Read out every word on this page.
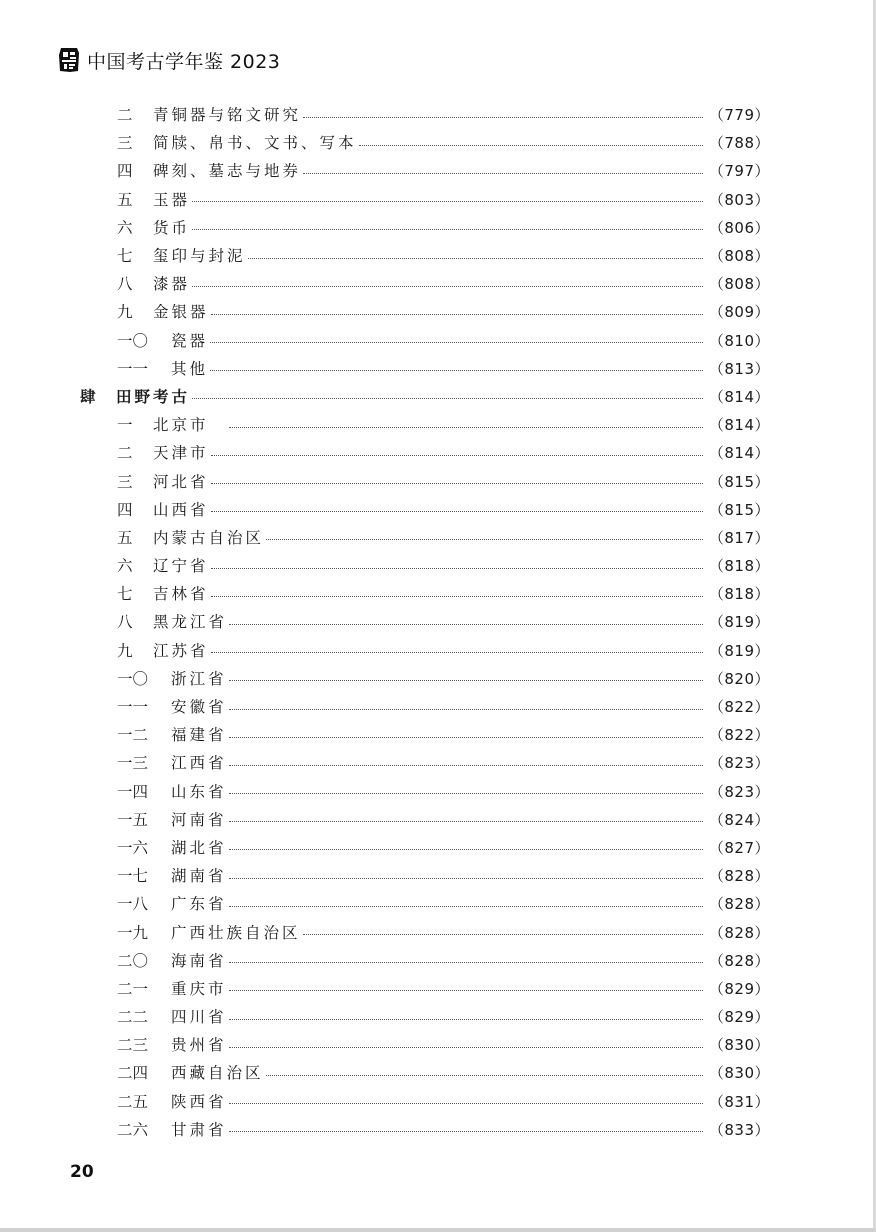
中国考古学年鉴 2023
二	青铜器与铭文研究	（779）
三	简牍、帛书、文书、写本	（788）
四	碑刻、墓志与地券	（797）
五	玉器	（803）
六	货币	（806）
七	玺印与封泥	（808）
八	漆器	（808）
九	金银器	（809）
一〇	瓷器	（810）
一一	其他	（813）
肆	田野考古	（814）
一	北京市　	（814）
二	天津市	（814）
三	河北省	（815）
四	山西省	（815）
五	内蒙古自治区	（817）
六	辽宁省	（818）
七	吉林省	（818）
八	黑龙江省	（819）
九	江苏省	（819）
一〇	浙江省	（820）
一一	安徽省	（822）
一二	福建省	（822）
一三	江西省	（823）
一四	山东省	（823）
一五	河南省	（824）
一六	湖北省	（827）
一七	湖南省	（828）
一八	广东省	（828）
一九	广西壮族自治区	（828）
二〇	海南省	（828）
二一	重庆市	（829）
二二	四川省	（829）
二三	贵州省	（830）
二四	西藏自治区	（830）
二五	陕西省	（831）
二六	甘肃省	（833）
20
